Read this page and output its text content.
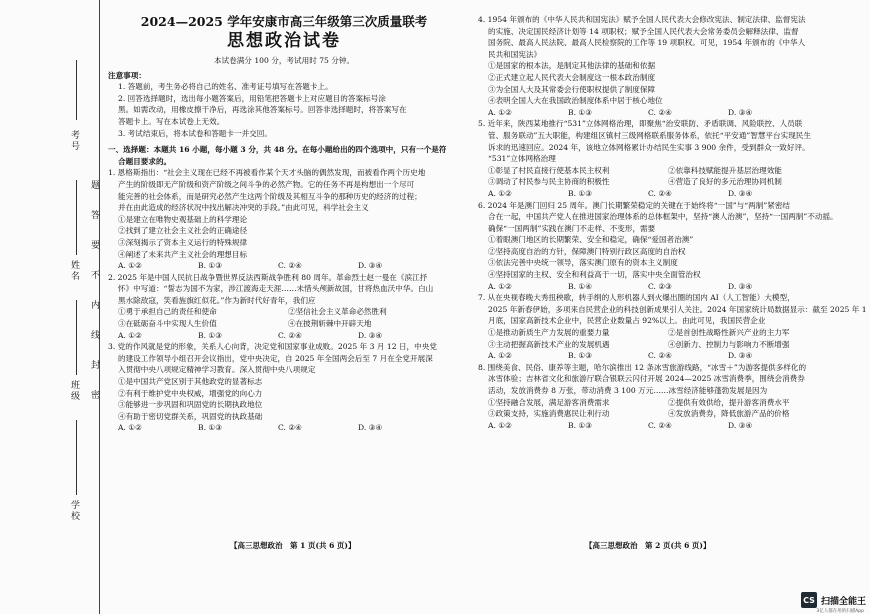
考号
姓名
班级
学校
题
答
要
不
内
线
封
密

2024—2025 学年安康市高三年级第三次质量联考

思想政治试卷

本试卷满分 100 分，考试用时 75 分钟。

注意事项：

1. 答题前，考生务必将自己的姓名、准考证号填写在答题卡上。

2. 回答选择题时，选出每小题答案后，用铅笔把答题卡上对应题目的答案标号涂

黑。如需改动，用橡皮擦干净后，再选涂其他答案标号。回答非选择题时，将答案写在

答题卡上。写在本试卷上无效。

3. 考试结束后，将本试卷和答题卡一并交回。

一、选择题：本题共 16 小题，每小题 3 分，共 48 分。在每小题给出的四个选项中，只有一个是符

合题目要求的。

1. 恩格斯指出：“社会主义现在已经不再被看作某个天才头脑的偶然发现，而被看作两个历史地

产生的阶级即无产阶级和资产阶级之间斗争的必然产物。它的任务不再是构想出一个尽可

能完善的社会体系，而是研究必然产生这两个阶级及其相互斗争的那种历史的经济的过程；

并在由此造成的经济状况中找出解决冲突的手段。”由此可见，科学社会主义

①是建立在唯物史观基础上的科学理论

②找到了建立社会主义社会的正确途径

③深刻揭示了资本主义运行的特殊规律

④阐述了未来共产主义社会的理想目标

A. ①②	B. ①③	C. ②④	D. ③④

2. 2025 年是中国人民抗日战争暨世界反法西斯战争胜利 80 周年。革命烈士赵一曼在《滨江抒

怀》中写道：“誓志为国不为家，涉江渡海走天涯……未惜头颅新故国，甘将热血沃中华。白山

黑水除敌寇，笑看旌旗红似花。”作为新时代好青年，我们应

①勇于承担自己的责任和使命	②坚信社会主义革命必然胜利

③在砥砺奋斗中实现人生价值	④在披荆斩棘中开辟天地

A. ①②	B. ①③	C. ②④	D. ③④

3. 党的作风就是党的形象，关系人心向背，决定党和国家事业成败。2025 年 3 月 12 日，中央党

的建设工作领导小组召开会议指出，党中央决定，自 2025 年全国两会后至 7 月在全党开展深

入贯彻中央八项规定精神学习教育。深入贯彻中央八项规定

①是中国共产党区别于其他政党的显著标志

②有利于维护党中央权威，增强党的向心力

③能够进一步巩固和巩固党的长期执政地位

④有助于密切党群关系，巩固党的执政基础

A. ①②	B. ①③	C. ②④	D. ③④

4. 1954 年颁布的《中华人民共和国宪法》赋予全国人民代表大会修改宪法、制定法律、监督宪法

的实施、决定国民经济计划等 14 项职权；赋予全国人民代表大会常务委员会解释法律、监督

国务院、最高人民法院、最高人民检察院的工作等 19 项职权。可见，1954 年颁布的《中华人

民共和国宪法》

①是国家的根本法，是制定其他法律的基础和依据

②正式建立起人民代表大会制度这一根本政治制度

③为全国人大及其常委会行使职权提供了制度保障

④表明全国人大在我国政治制度体系中居于核心地位

A. ①②	B. ①③	C. ②④	D. ③④

5. 近年来，陕西某地推行“531”立体网格治理，即聚焦“治安联防、矛盾联调、风险联控、人员联

管、服务联动”五大职能，构建组区镇村三级网格联系服务体系，依托“平安通”智慧平台实现民生

诉求的迅速回应。2024 年，该地立体网格累计办结民生实事 3 900 余件，受到群众一致好评。

“531”立体网格治理

①彰显了村民直接行使基本民主权利	②依靠科技赋能提升基层治理效能

③调动了村民参与民主协商的积极性	④营造了良好的多元治理协同机制

A. ①②	B. ①③	C. ②④	D. ③④

6. 2024 年是澳门回归 25 周年。澳门长期繁荣稳定的关键在于始终将“一国”与“两制”紧密结

合在一起，中国共产党人在推进国家治理体系的总体框架中，坚持“澳人治澳”，坚持“一国两制”不动摇。

确保“一国两制”实践在澳门不走样、不变形，需要

①着眼澳门地区的长期繁荣、安全和稳定，确保“爱国者治澳”

②坚持高度自治的方针，保障澳门特别行政区高度的自治权

③依法完善中央统一领导，落实澳门原有的资本主义制度

④坚持国家的主权、安全和利益高于一切，落实中央全面管治权

A. ①②	B. ①④	C. ②③	D. ③④

7. 从在央视春晚大秀扭秧歌，转手绢的人形机器人到火爆出圈的国内 AI（人工智能）大模型，

2025 年新春伊始，多项来自民营企业的科技创新成果引人关注。2024 年国家统计局数据显示：截至 2025 年 1

月底，国家高新技术企业中，民营企业数量占 92%以上。由此可见，我国民营企业

①是推动新质生产力发展的重要力量	②是首创性战略性新兴产业的主力军

③主动把握高新技术产业的发展机遇	④创新力、控制力与影响力不断增强

A. ①②	B. ①③	C. ②④	D. ③④

8. 围绕美食、民俗、康养等主题，哈尔滨推出 12 条冰雪旅游线路，“冰雪＋”为游客提供多样化的

冰雪体验；吉林省文化和旅游厅联合银联云闪付开展 2024—2025 冰雪消费季，围绕会消费券

活动，发放消费券 8 万张，带动消费 3 100 万元……冰雪经济能够蓬勃发展是因为

①坚持融合发展，满足游客消费需求	②提供有效供给，提升游客消费水平

③政策支持，实施消费惠民让利行动	④发放消费券，降低旅游产品的价格

A. ①②	B. ①③	C. ②④	D. ③④

【高三思想政治　第 1 页(共 6 页)】	【高三思想政治　第 2 页(共 6 页)】
CS 扫描全能王
3亿人都在用的扫描App
